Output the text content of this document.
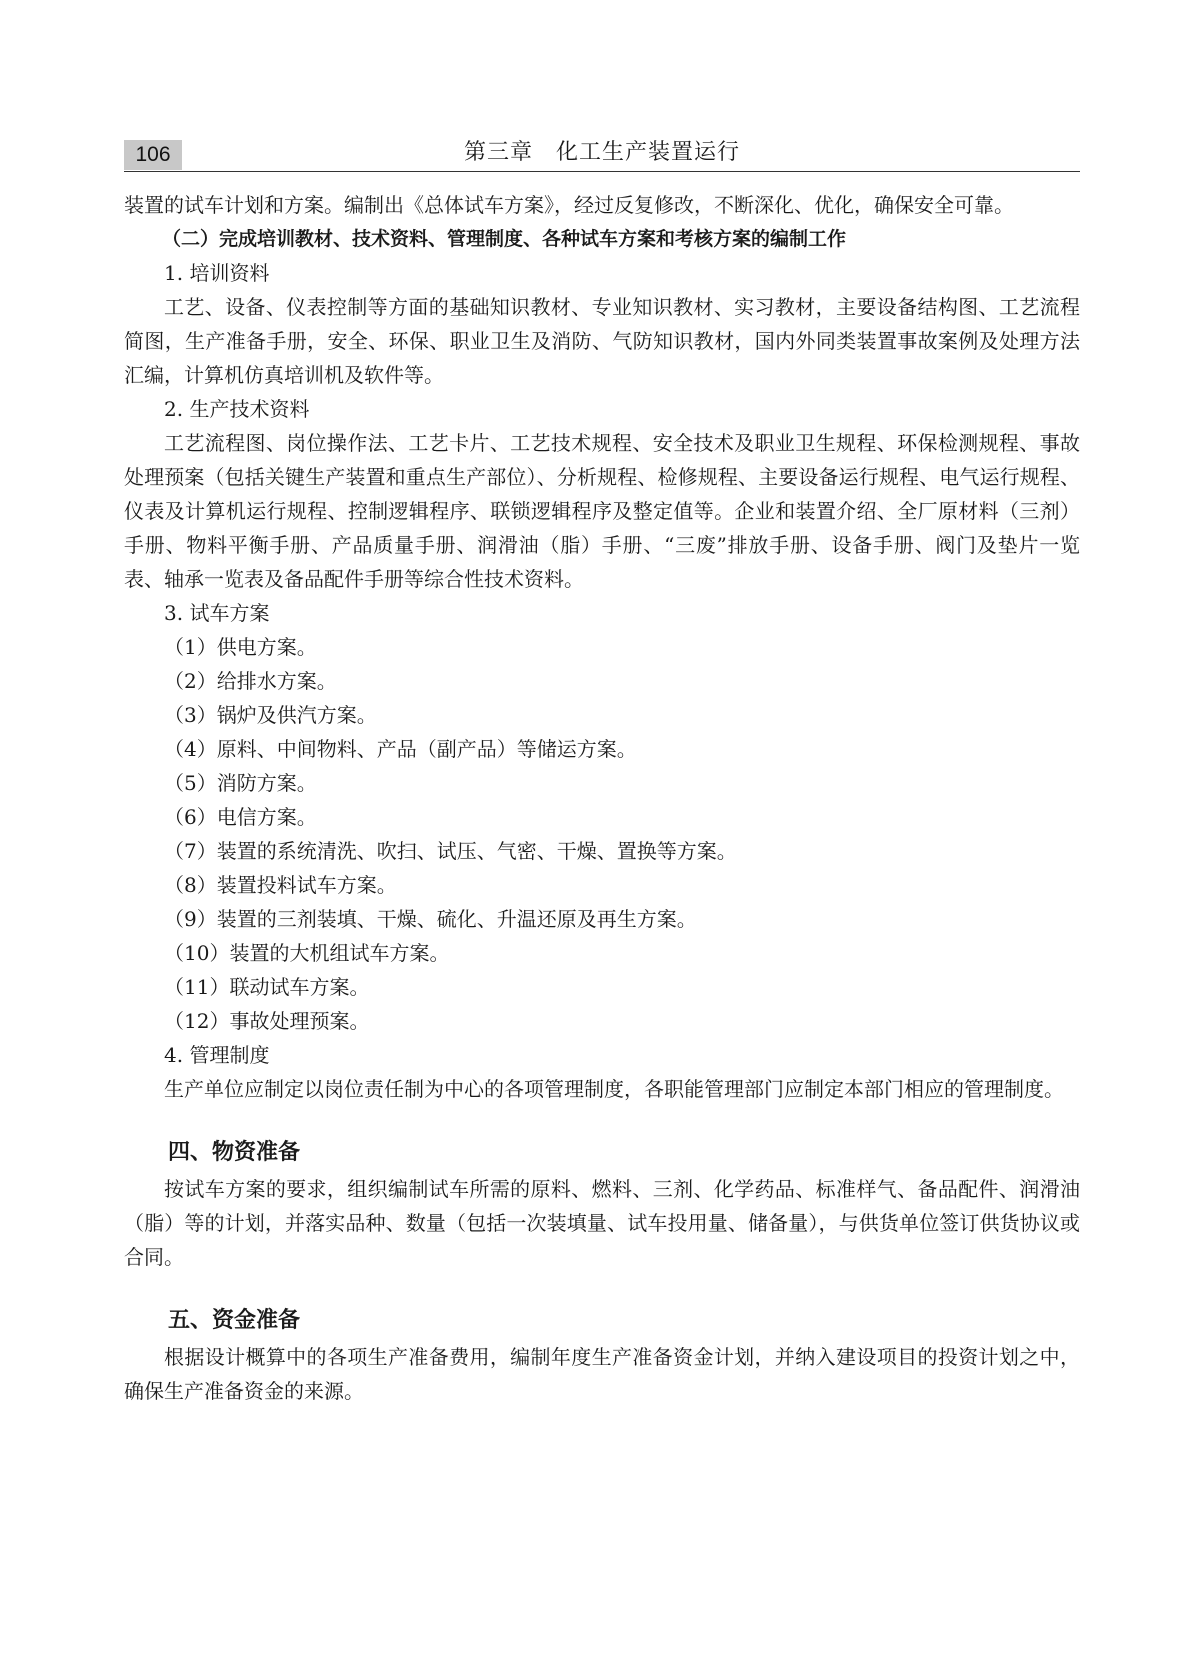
106	第三章　化工生产装置运行

装置的试车计划和方案。编制出《总体试车方案》，经过反复修改，不断深化、优化，确保安全可靠。

（二）完成培训教材、技术资料、管理制度、各种试车方案和考核方案的编制工作

1. 培训资料

工艺、设备、仪表控制等方面的基础知识教材、专业知识教材、实习教材，主要设备结构图、工艺流程简图，生产准备手册，安全、环保、职业卫生及消防、气防知识教材，国内外同类装置事故案例及处理方法汇编，计算机仿真培训机及软件等。

2. 生产技术资料

工艺流程图、岗位操作法、工艺卡片、工艺技术规程、安全技术及职业卫生规程、环保检测规程、事故处理预案（包括关键生产装置和重点生产部位）、分析规程、检修规程、主要设备运行规程、电气运行规程、仪表及计算机运行规程、控制逻辑程序、联锁逻辑程序及整定值等。企业和装置介绍、全厂原材料（三剂）手册、物料平衡手册、产品质量手册、润滑油（脂）手册、“三废”排放手册、设备手册、阀门及垫片一览表、轴承一览表及备品配件手册等综合性技术资料。

3. 试车方案

（1）供电方案。

（2）给排水方案。

（3）锅炉及供汽方案。

（4）原料、中间物料、产品（副产品）等储运方案。

（5）消防方案。

（6）电信方案。

（7）装置的系统清洗、吹扫、试压、气密、干燥、置换等方案。

（8）装置投料试车方案。

（9）装置的三剂装填、干燥、硫化、升温还原及再生方案。

（10）装置的大机组试车方案。

（11）联动试车方案。

（12）事故处理预案。

4. 管理制度

生产单位应制定以岗位责任制为中心的各项管理制度，各职能管理部门应制定本部门相应的管理制度。

四、物资准备

按试车方案的要求，组织编制试车所需的原料、燃料、三剂、化学药品、标准样气、备品配件、润滑油（脂）等的计划，并落实品种、数量（包括一次装填量、试车投用量、储备量），与供货单位签订供货协议或合同。

五、资金准备

根据设计概算中的各项生产准备费用，编制年度生产准备资金计划，并纳入建设项目的投资计划之中，确保生产准备资金的来源。
